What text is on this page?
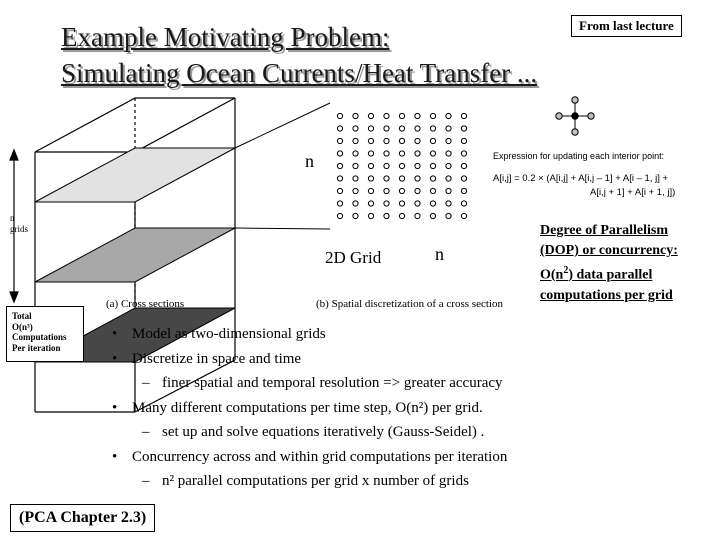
Example Motivating Problem:
Simulating Ocean Currents/Heat Transfer ...
From last lecture
n
n
n
grids
2D Grid
Total
O(n³)
Computations
Per iteration
(a) Cross sections	(b) Spatial discretization of a cross section
Expression for updating each interior point:
A[i,j] = 0.2 × (A[i,j] + A[i,j – 1] + A[i – 1, j] +
A[i,j + 1] + A[i + 1, j])
Degree of Parallelism
(DOP) or concurrency:
$O(n^2)$ data parallel
computations per grid
• Model as two-dimensional grids
• Discretize in space and time
– finer spatial and temporal resolution => greater accuracy
• Many different computations per time step, O(n²) per grid.
– set up and solve equations iteratively (Gauss-Seidel) .
• Concurrency across and within grid computations per iteration
– n² parallel computations per grid x number of grids
(PCA Chapter 2.3)
